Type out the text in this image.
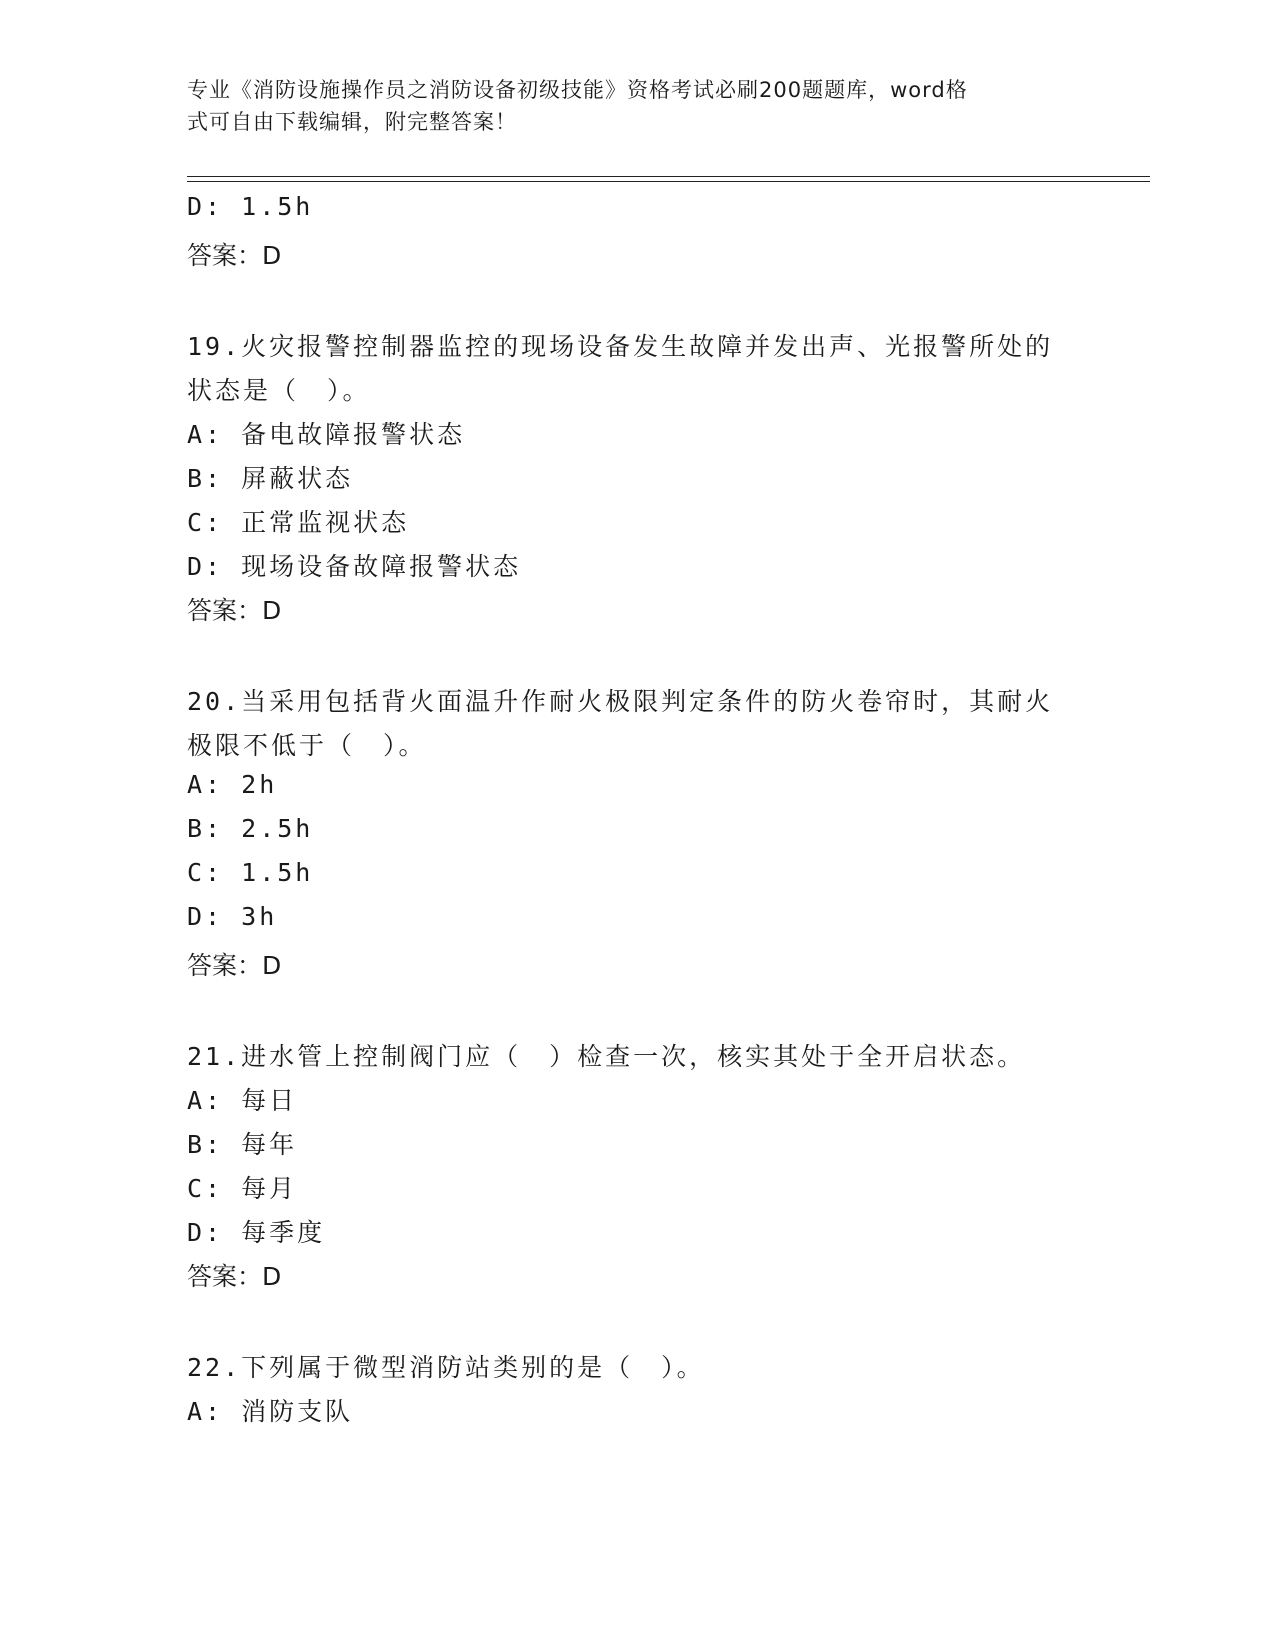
专业《消防设施操作员之消防设备初级技能》资格考试必刷200题题库，word格
式可自由下载编辑，附完整答案！
D: 1.5h
答案：D
19.火灾报警控制器监控的现场设备发生故障并发出声、光报警所处的
状态是（　）。
A: 备电故障报警状态
B: 屏蔽状态
C: 正常监视状态
D: 现场设备故障报警状态
答案：D
20.当采用包括背火面温升作耐火极限判定条件的防火卷帘时，其耐火
极限不低于（　）。
A: 2h
B: 2.5h
C: 1.5h
D: 3h
答案：D
21.进水管上控制阀门应（　）检查一次，核实其处于全开启状态。
A: 每日
B: 每年
C: 每月
D: 每季度
答案：D
22.下列属于微型消防站类别的是（　）。
A: 消防支队
